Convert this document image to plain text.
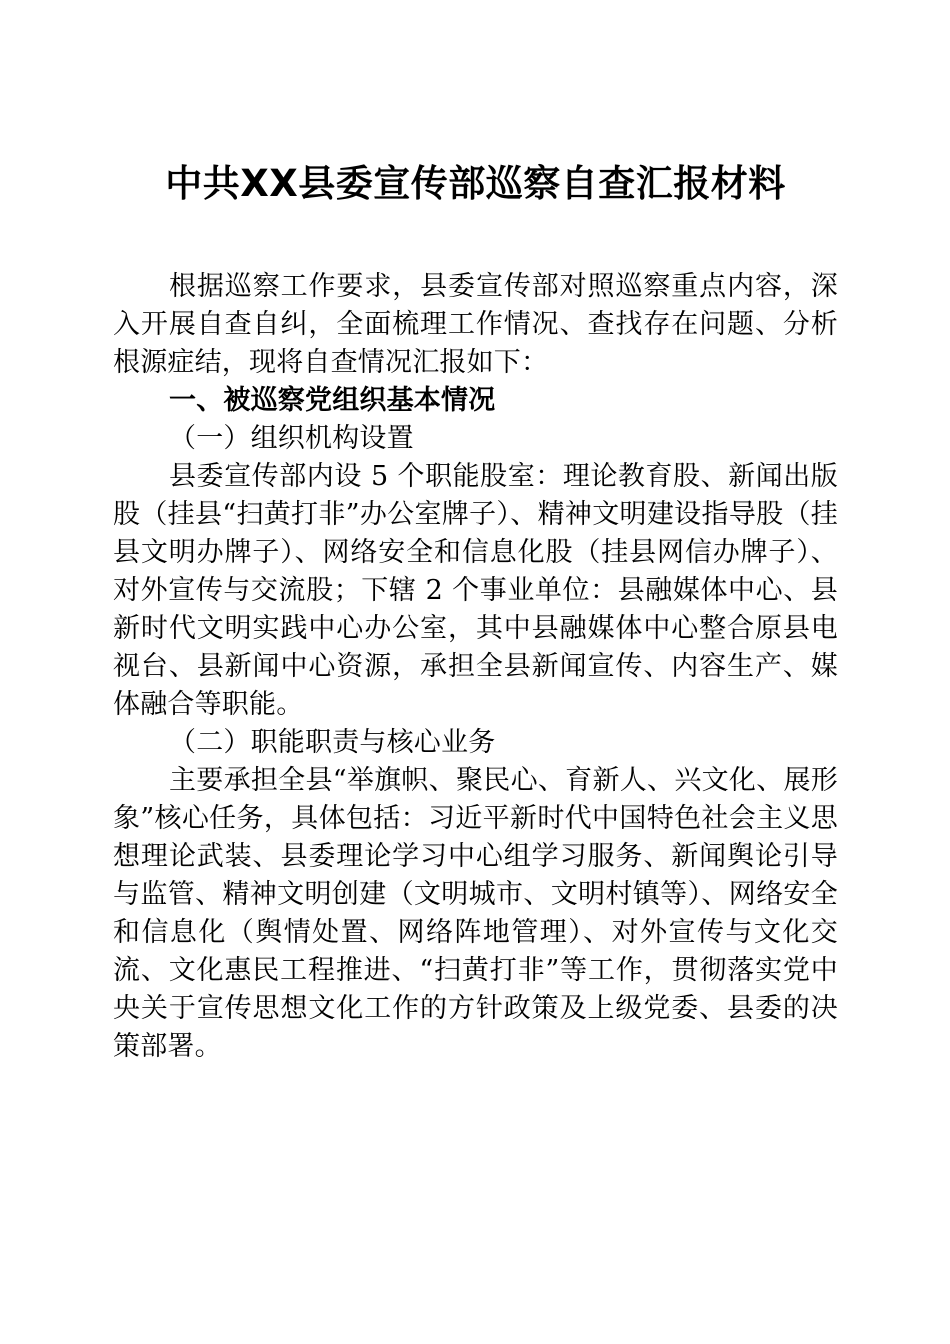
中共XX县委宣传部巡察自查汇报材料
根据巡察工作要求，县委宣传部对照巡察重点内容，深入开展自查自纠，全面梳理工作情况、查找存在问题、分析根源症结，现将自查情况汇报如下：
一、被巡察党组织基本情况
（一）组织机构设置
县委宣传部内设 5 个职能股室：理论教育股、新闻出版股（挂县“扫黄打非”办公室牌子）、精神文明建设指导股（挂县文明办牌子）、网络安全和信息化股（挂县网信办牌子）、对外宣传与交流股；下辖 2 个事业单位：县融媒体中心、县新时代文明实践中心办公室，其中县融媒体中心整合原县电视台、县新闻中心资源，承担全县新闻宣传、内容生产、媒体融合等职能。
（二）职能职责与核心业务
主要承担全县“举旗帜、聚民心、育新人、兴文化、展形象”核心任务，具体包括：习近平新时代中国特色社会主义思想理论武装、县委理论学习中心组学习服务、新闻舆论引导与监管、精神文明创建（文明城市、文明村镇等）、网络安全和信息化（舆情处置、网络阵地管理）、对外宣传与文化交流、文化惠民工程推进、“扫黄打非”等工作，贯彻落实党中央关于宣传思想文化工作的方针政策及上级党委、县委的决策部署。
